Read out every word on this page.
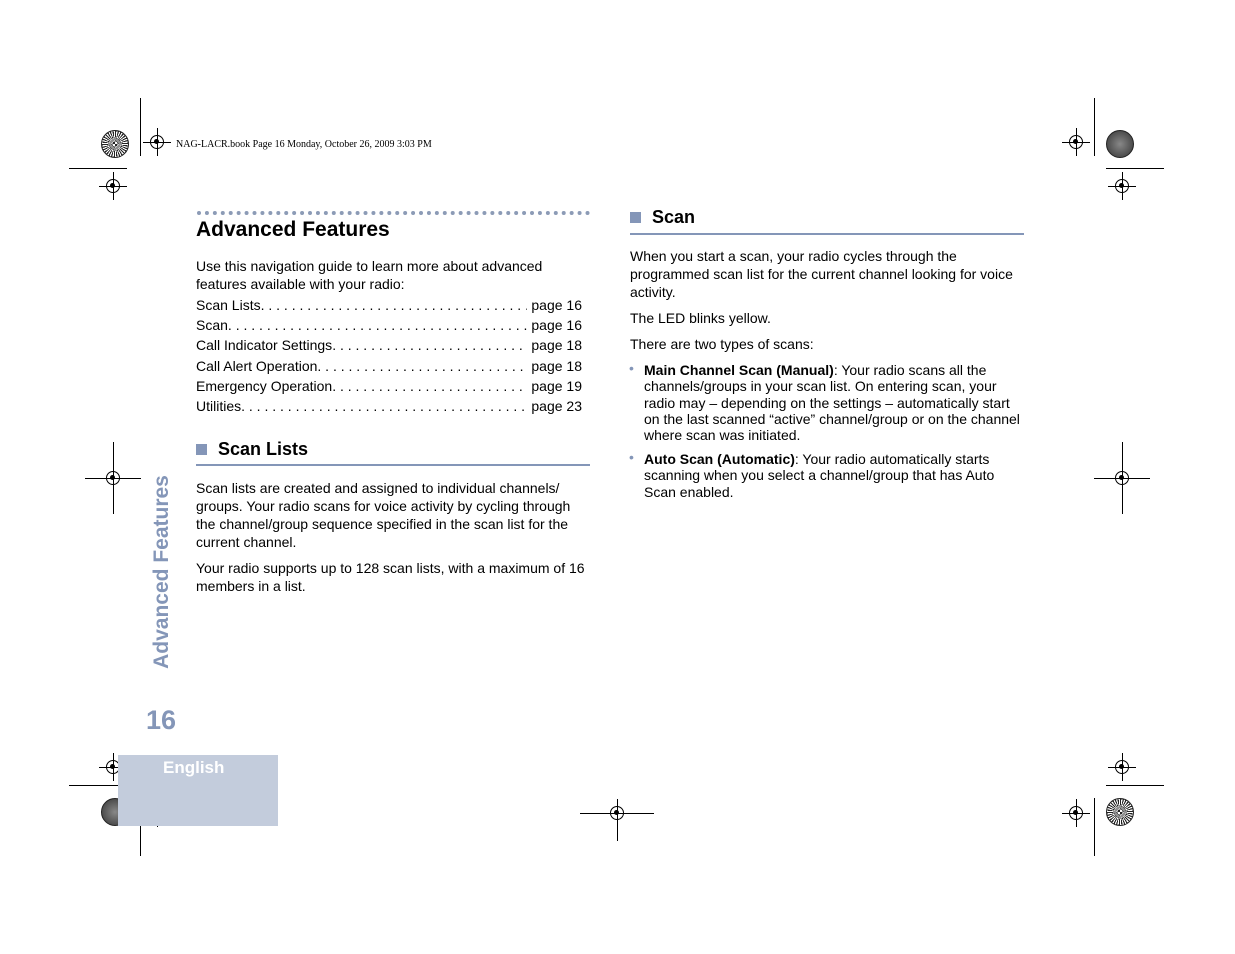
NAG-LACR.book Page 16 Monday, October 26, 2009 3:03 PM
Advanced Features
Use this navigation guide to learn more about advanced features available with your radio:
Scan Lists . . .	page 16
Scan . . .	page 16
Call Indicator Settings . . .	page 18
Call Alert Operation . . .	page 18
Emergency Operation . . .	page 19
Utilities . . .	page 23
Scan Lists
Scan lists are created and assigned to individual channels/ groups. Your radio scans for voice activity by cycling through the channel/group sequence specified in the scan list for the current channel.
Your radio supports up to 128 scan lists, with a maximum of 16 members in a list.
Scan
When you start a scan, your radio cycles through the programmed scan list for the current channel looking for voice activity.
The LED blinks yellow.
There are two types of scans:
• Main Channel Scan (Manual): Your radio scans all the channels/groups in your scan list. On entering scan, your radio may – depending on the settings – automatically start on the last scanned “active” channel/group or on the channel where scan was initiated.
• Auto Scan (Automatic): Your radio automatically starts scanning when you select a channel/group that has Auto Scan enabled.
Advanced Features
16
English
